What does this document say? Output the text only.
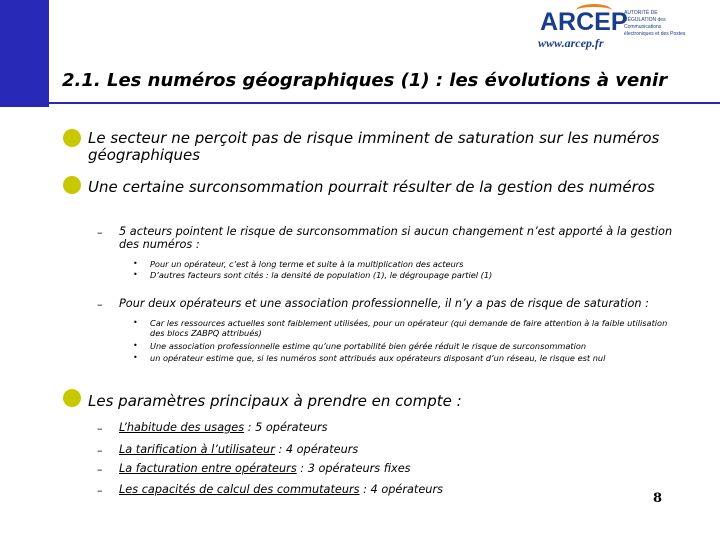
ARCEP
www.arcep.fr
AUTORITÉ DE RÉGULATION des Communications électroniques et des Postes
2.1. Les numéros géographiques (1) : les évolutions à venir
Le secteur ne perçoit pas de risque imminent de saturation sur les numéros géographiques
Une certaine surconsommation pourrait résulter de la gestion des numéros
– 5 acteurs pointent le risque de surconsommation si aucun changement n’est apporté à la gestion des numéros :
• Pour un opérateur, c’est à long terme et suite à la multiplication des acteurs
• D’autres facteurs sont cités : la densité de population (1), le dégroupage partiel (1)
– Pour deux opérateurs et une association professionnelle, il n’y a pas de risque de saturation :
• Car les ressources actuelles sont faiblement utilisées, pour un opérateur (qui demande de faire attention à la faible utilisation des blocs ZABPQ attribués)
• Une association professionnelle estime qu’une portabilité bien gérée réduit le risque de surconsommation
• un opérateur estime que, si les numéros sont attribués aux opérateurs disposant d’un réseau, le risque est nul
Les paramètres principaux à prendre en compte :
– L’habitude des usages : 5 opérateurs
– La tarification à l’utilisateur : 4 opérateurs
– La facturation entre opérateurs : 3 opérateurs fixes
– Les capacités de calcul des commutateurs : 4 opérateurs
8
